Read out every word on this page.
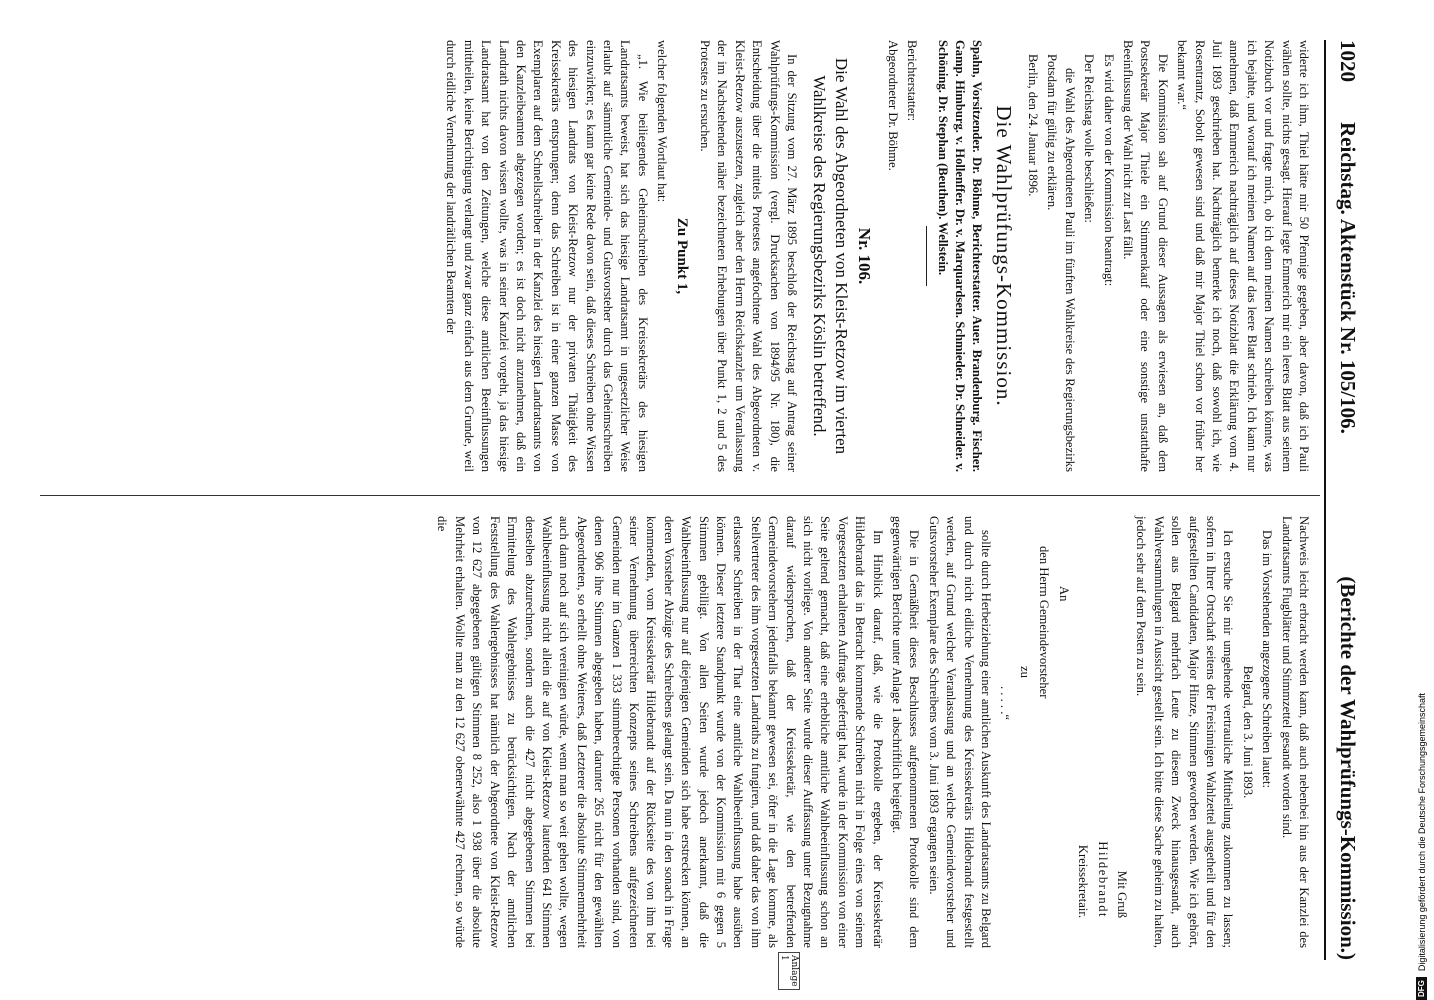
1020
Reichstag. Aktenstück Nr. 105/106.
(Berichte der Wahlprüfungs-Kommission.)

widerte ich ihm, Thiel hätte mir 50 Pfennige gegeben, aber davon, daß ich Pauli wählen sollte, nichts gesagt. Hierauf legte Emmerich mir ein leeres Blatt aus seinem Notizbuch vor und fragte mich, ob ich denn meinen Namen schreiben könnte, was ich bejahte, und worauf ich meinen Namen auf das leere Blatt schrieb. Ich kann nur annehmen, daß Emmerich nachträglich auf dieses Notizblatt die Erklärung vom 4. Juli 1893 geschrieben hat. Nachträglich bemerke ich noch, daß sowohl ich, wie Rosentrantz, Sobolt gewesen sind und daß mir Major Thiel schon vor früher her bekannt war.“

Die Kommission sah auf Grund dieser Aussagen als erwiesen an, daß dem Postsekretär Major Thiele ein Stimmenkauf oder eine sonstige unstatthafte Beeinflussung der Wahl nicht zur Last fällt.

Es wird daher von der Kommission beantragt:

Der Reichstag wolle beschließen:

die Wahl des Abgeordneten Pauli im fünften Wahlkreise des Regierungsbezirks Potsdam für gültig zu erklären.

Berlin, den 24. Januar 1896.

Die Wahlprüfungs-Kommission.

Spahn, Vorsitzender. Dr. Böhme, Berichterstatter. Auer. Brandenburg. Fischer. Gamp. Himburg. v. Hollenffer. Dr. v. Marquardsen. Schmieder. Dr. Schneider. v. Schöning. Dr. Stephan (Beuthen). Wellstein.

Berichterstatter:

Abgeordneter Dr. Böhme.

Nr. 106.
Die Wahl des Abgeordneten von Kleist-Retzow im vierten Wahlkreise des Regierungsbezirks Köslin betreffend.

In der Sitzung vom 27. März 1895 beschloß der Reichstag auf Antrag seiner Wahlprüfungs-Kommission (vergl. Drucksachen von 1894/95 Nr. 180), die Entscheidung über die mittels Protestes angefochtene Wahl des Abgeordneten v. Kleist-Retzow auszusetzen, zugleich aber den Herrn Reichskanzler um Veranlassung der im Nachstehenden näher bezeichneten Erhebungen über Punkt 1, 2 und 5 des Protestes zu ersuchen.

Zu Punkt 1,

welcher folgenden Wortlaut hat:

„1. Wie beiliegendes Geheimschreiben des Kreissekretärs des hiesigen Landratsamts beweist, hat sich das hiesige Landratsamt in ungesetzlicher Weise erlaubt auf sämmtliche Gemeinde- und Gutsvorsteher durch das Geheimschreiben einzuwirken; es kann gar keine Rede davon sein, daß dieses Schreiben ohne Wissen des hiesigen Landrats von Kleist-Retzow nur der privaten Thätigkeit des Kreissekretärs entsprungen; denn das Schreiben ist in einer ganzen Masse von Exemplaren auf dem Schnellschreiber in der Kanzlei des hiesigen Landratsamts von den Kanzleibeamten abgezogen worden; es ist doch nicht anzunehmen, daß ein Landrath nichts davon wissen wollte, was in seiner Kanzlei vorgeht, ja das hiesige Landratsamt hat von den Zeitungen, welche diese amtlichen Beeinflussungen mittheilen, keine Berichtigung verlangt und zwar ganz einfach aus dem Grunde, weil durch eidliche Vernehmung der landrätlichen Beamten der

Nachweis leicht erbracht werden kann, daß auch nebenbei hin aus der Kanzlei des Landratsamts Flugblätter und Stimmzettel gesandt worden sind.

Das im Vorstehenden angezogene Schreiben lautet:

Belgard, den 3. Juni 1893.

Ich ersuche Sie mir umgehende vertrauliche Mittheilung zukommen zu lassen; sofern in Ihrer Ortschaft seitens der Freisinnigen Wahlzettel ausgetheilt und für den aufgestellten Candidaten, Major Hinze, Stimmen geworben werden. Wie ich gehört, sollen aus Belgard mehrfach Leute zu diesem Zweck hinausgesandt, auch Wahlversammlungen in Aussicht gestellt sein. Ich bitte diese Sache geheim zu halten, jedoch sehr auf dem Posten zu sein.

Mit Gruß

Hildebrandt

Kreissekretair.

An

den Herrn Gemeindevorsteher

zu

. . . . .“

sollte durch Herbeiziehung einer amtlichen Auskunft des Landratsamts zu Belgard und durch nicht eidliche Vernehmung des Kreissekretärs Hildebrandt festgestellt werden, auf Grund welcher Veranlassung und an welche Gemeindevorsteher und Gutsvorsteher Exemplare des Schreibens vom 3. Juni 1893 ergangen seien.

Die in Gemäßheit dieses Beschlusses aufgenommenen Protokolle sind dem gegenwärtigen Berichte unter Anlage 1 abschriftlich beigefügt.

Im Hinblick darauf, daß, wie die Protokolle ergeben, der Kreissekretär Hildebrandt das in Betracht kommende Schreiben nicht in Folge eines von seinem Vorgesetzten erhaltenen Auftrags abgefertigt hat, wurde in der Kommission von einer Seite geltend gemacht, daß eine erhebliche amtliche Wahlbeeinflussung schon an sich nicht vorliege. Von anderer Seite wurde dieser Auffassung unter Bezugnahme darauf widersprochen, daß der Kreissekretär, wie den betreffenden Gemeindevorstehern jedenfalls bekannt gewesen sei, öfter in die Lage komme, als Stellvertreter des ihm vorgesetzten Landraths zu fungiren, und daß daher das von ihm erlassene Schreiben in der That eine amtliche Wahlbeeinflussung habe ausüben können. Dieser letztere Standpunkt wurde von der Kommission mit 6 gegen 5 Stimmen gebilligt. Von allen Seiten wurde jedoch anerkannt, daß die Wahlbeeinflussung nur auf diejenigen Gemeinden sich habe erstrecken können, an deren Vorsteher Abzüge des Schreibens gelangt sein. Da nun in den sonach in Frage kommenden, vom Kreissekretär Hildebrandt auf der Rückseite des von ihm bei seiner Vernehmung überreichten Konzepts seines Schreibens aufgezeichneten Gemeinden nur im Ganzen 1 333 stimmberechtigte Personen vorhanden sind, von denen 906 ihre Stimmen abgegeben haben, darunter 265 nicht für den gewählten Abgeordneten, so erhellt ohne Weiteres, daß Letzterer die absolute Stimmenmehrheit auch dann noch auf sich vereinigen würde, wenn man so weit gehen wollte, wegen Wahlbeeinflussung nicht allein die auf von Kleist-Retzow lautenden 641 Stimmen denselben abzurechnen, sondern auch die 427 nicht abgegebenen Stimmen bei Ermittelung des Wahlergebnisses zu berücksichtigen. Nach der amtlichen Feststellung des Wahlergebnisses hat nämlich der Abgeordnete von Kleist-Retzow von 12 627 abgegebenen gültigen Stimmen 8 252, also 1 938 über die absolute Mehrheit erhalten. Wollte man zu den 12 627 obenerwähnte 427 rechnen, so würde die

Anlage 1
DFG
Digitalisierung gefördert durch die Deutsche Forschungsgemeinschaft
